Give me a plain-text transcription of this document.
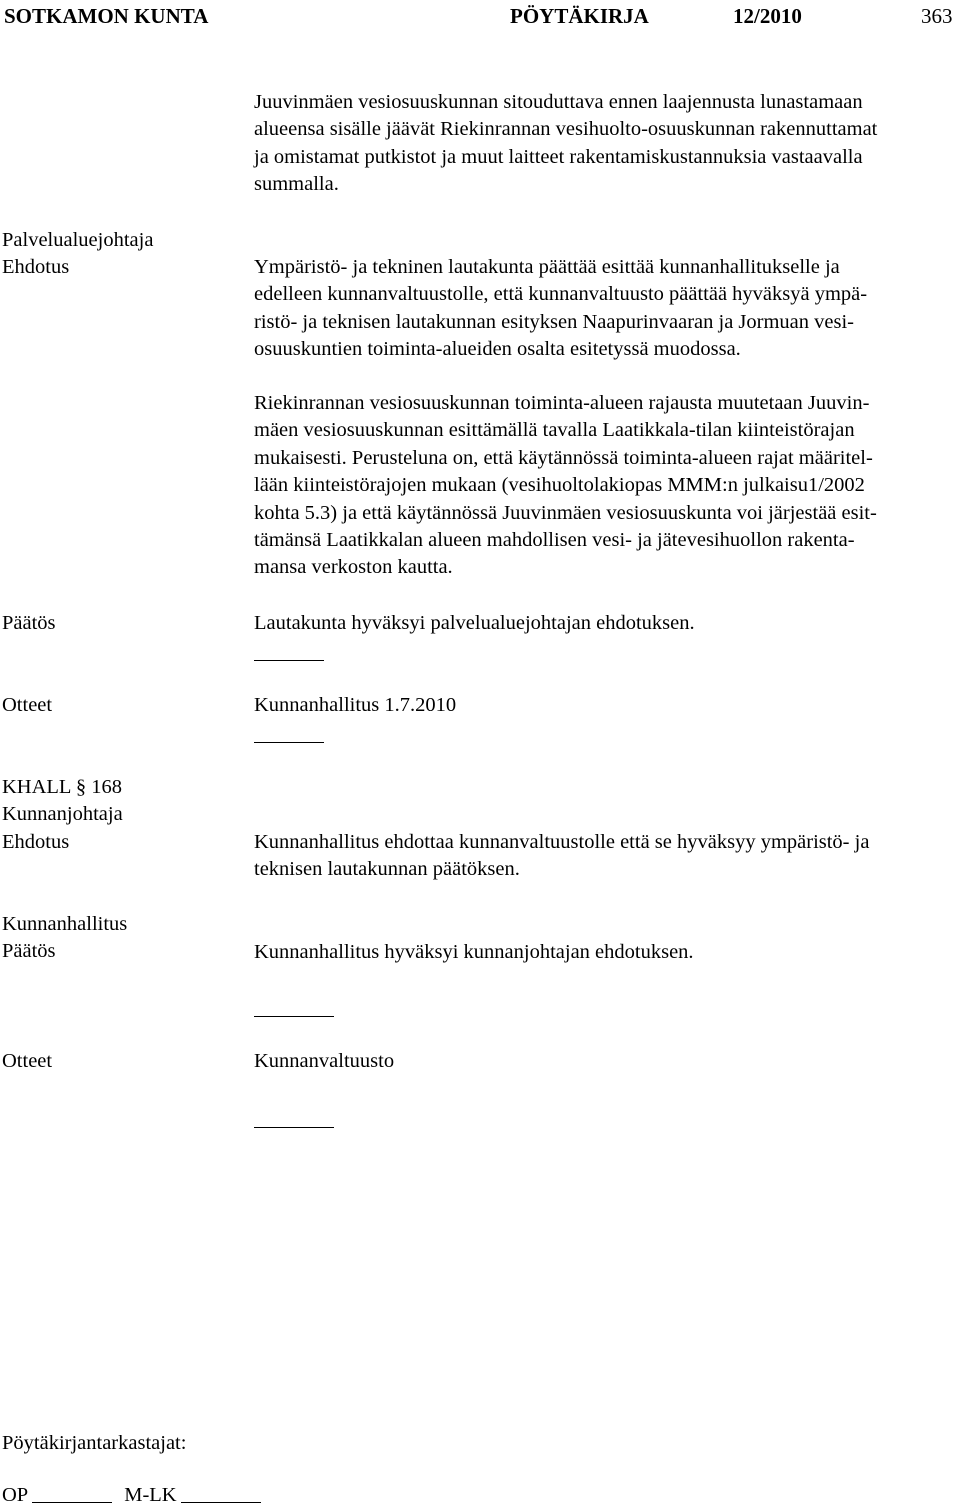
SOTKAMON KUNTA	PÖYTÄKIRJA	12/2010	363
Juuvinmäen vesiosuuskunnan sitouduttava ennen laajennusta lunastamaan
alueensa sisälle jäävät Riekinrannan vesihuolto-osuuskunnan rakennuttamat
ja omistamat putkistot ja muut laitteet rakentamiskustannuksia vastaavalla
summalla.
Palvelualuejohtaja
Ehdotus	Ympäristö- ja tekninen lautakunta päättää esittää kunnanhallitukselle ja
edelleen kunnanvaltuustolle, että kunnanvaltuusto päättää hyväksyä ympä-
ristö- ja teknisen lautakunnan esityksen Naapurinvaaran ja Jormuan vesi-
osuuskuntien toiminta-alueiden osalta esitetyssä muodossa.
Riekinrannan vesiosuuskunnan toiminta-alueen rajausta muutetaan Juuvin-
mäen vesiosuuskunnan esittämällä tavalla Laatikkala-tilan kiinteistörajan
mukaisesti. Perusteluna on, että käytännössä toiminta-alueen rajat määritel-
lään kiinteistörajojen mukaan (vesihuoltolakiopas MMM:n julkaisu1/2002
kohta 5.3) ja että käytännössä Juuvinmäen vesiosuuskunta voi järjestää esit-
tämänsä Laatikkalan alueen mahdollisen vesi- ja jätevesihuollon rakenta-
mansa verkoston kautta.
Päätös	Lautakunta hyväksyi palvelualuejohtajan ehdotuksen.
Otteet	Kunnanhallitus 1.7.2010
KHALL § 168
Kunnanjohtaja
Ehdotus	Kunnanhallitus ehdottaa kunnanvaltuustolle että se hyväksyy ympäristö- ja
teknisen lautakunnan päätöksen.
Kunnanhallitus
Päätös	Kunnanhallitus hyväksyi kunnanjohtajan ehdotuksen.
Otteet	Kunnanvaltuusto
Pöytäkirjantarkastajat:
OP	M-LK
